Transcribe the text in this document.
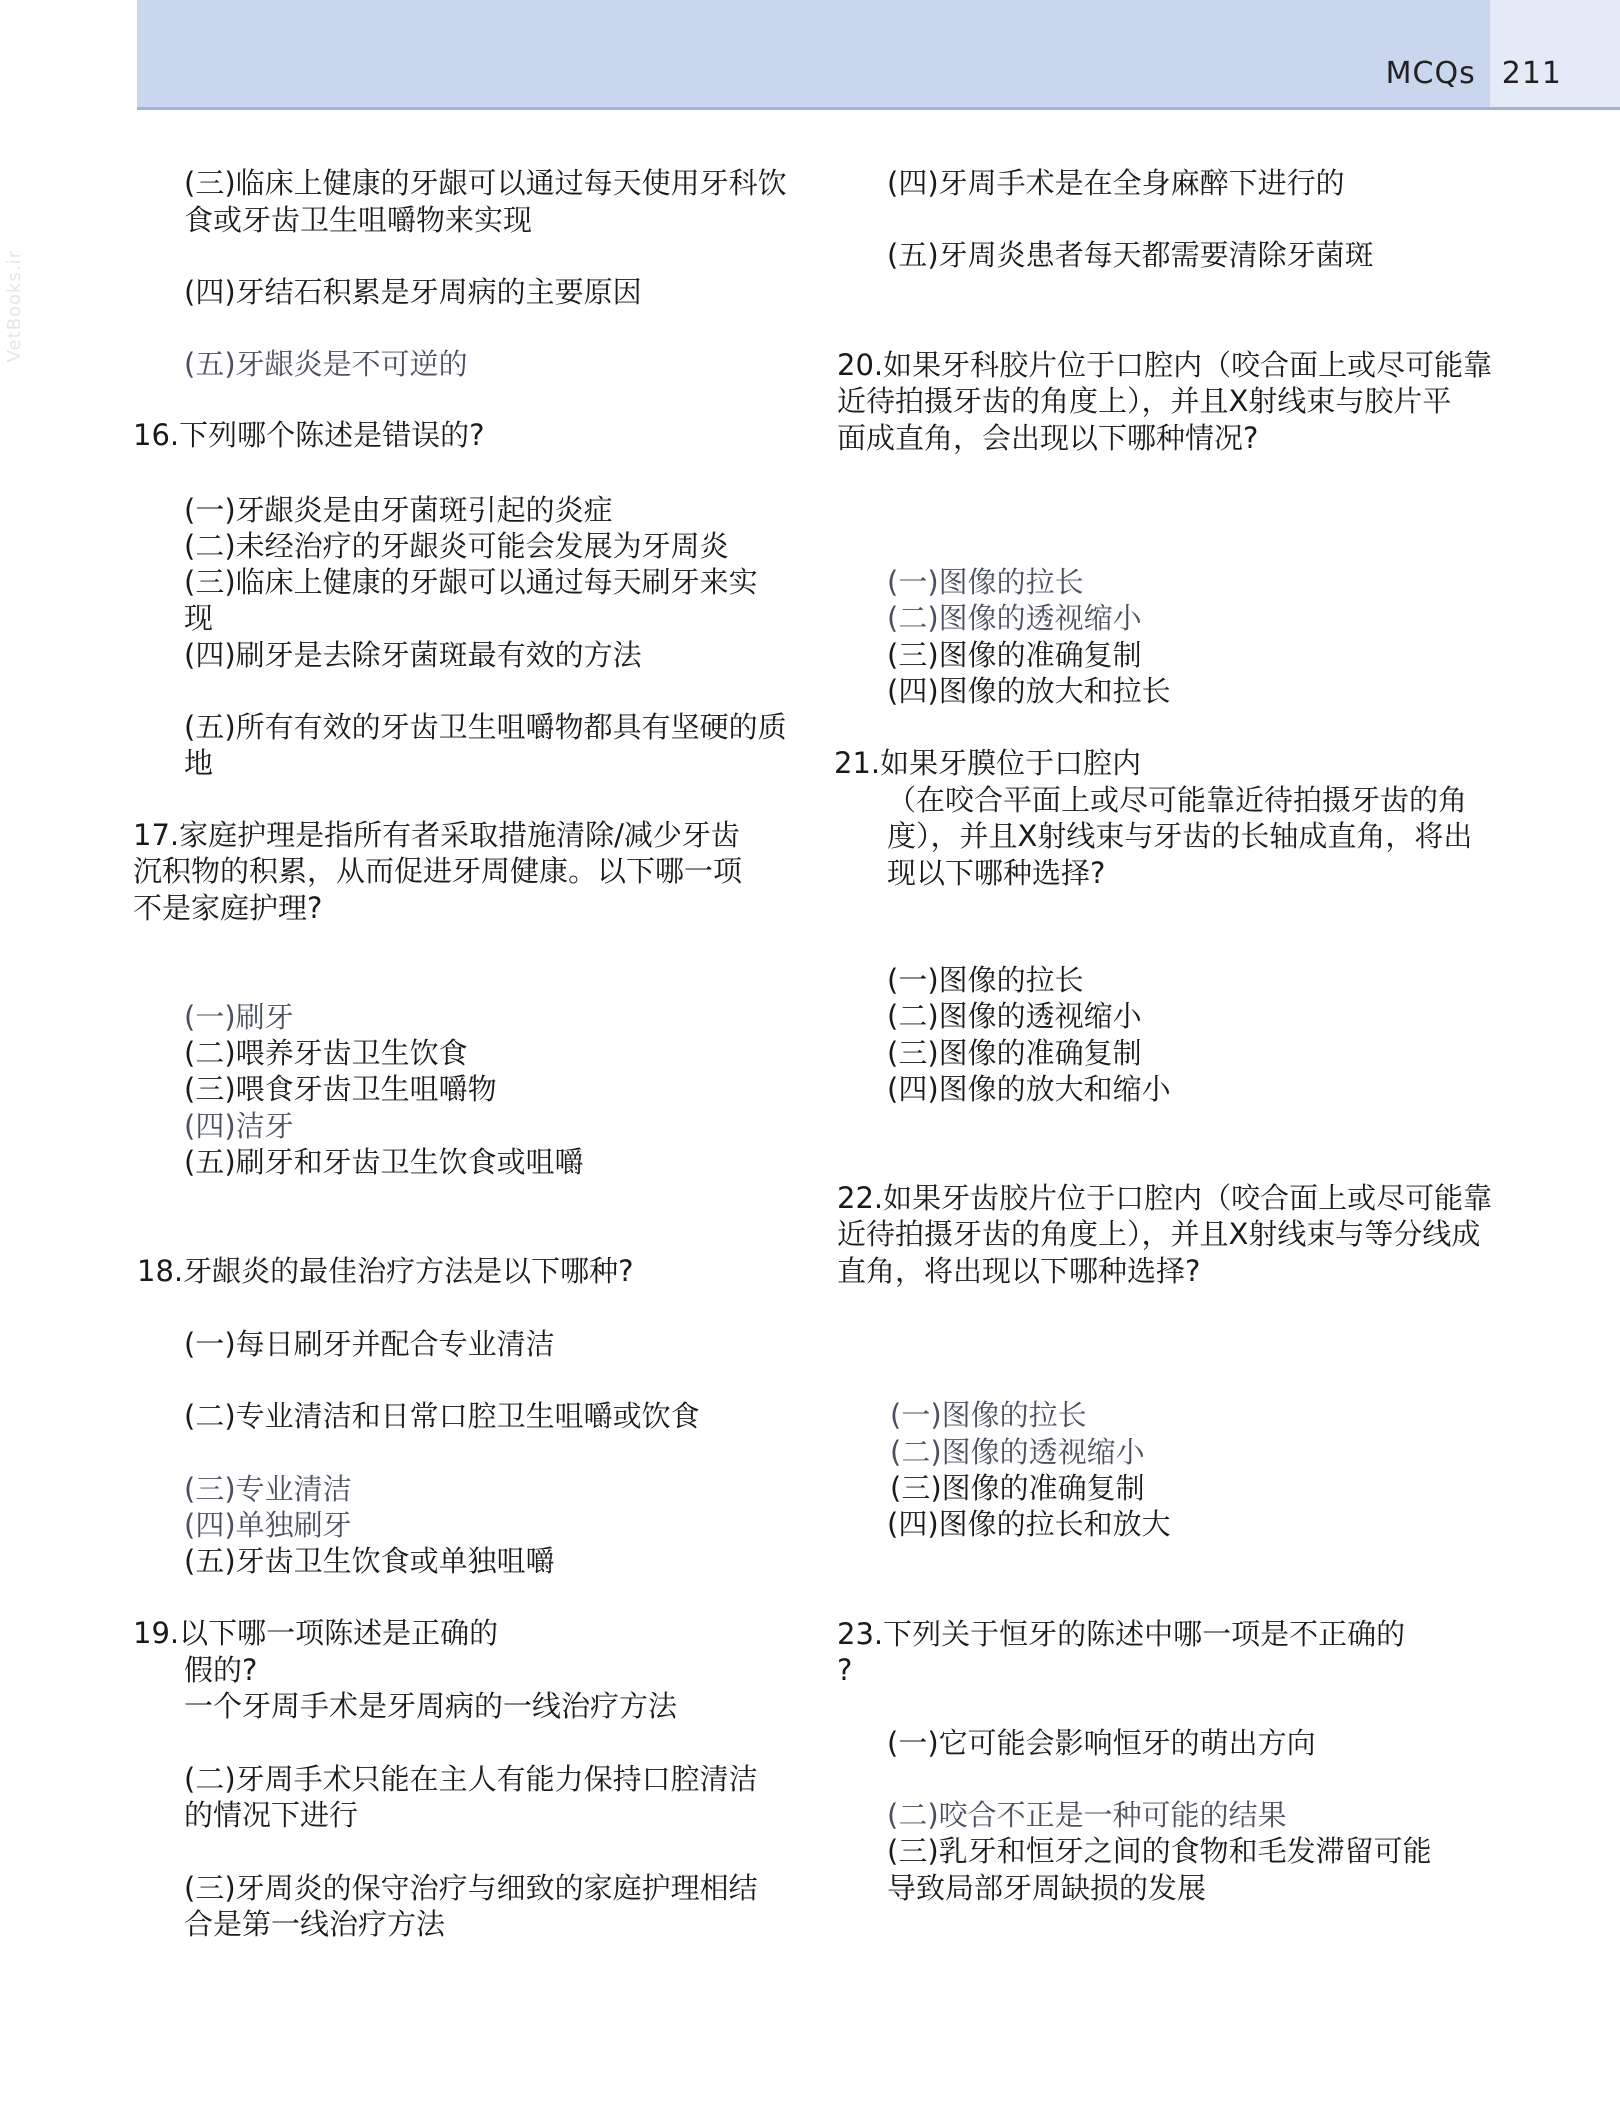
MCQs 211
VetBooks.ir
(三)临床上健康的牙龈可以通过每天使用牙科饮
食或牙齿卫生咀嚼物来实现
(四)牙结石积累是牙周病的主要原因
(五)牙龈炎是不可逆的
16.下列哪个陈述是错误的?
(一)牙龈炎是由牙菌斑引起的炎症
(二)未经治疗的牙龈炎可能会发展为牙周炎
(三)临床上健康的牙龈可以通过每天刷牙来实
现
(四)刷牙是去除牙菌斑最有效的方法
(五)所有有效的牙齿卫生咀嚼物都具有坚硬的质
地
17.家庭护理是指所有者采取措施清除/减少牙齿
沉积物的积累，从而促进牙周健康。以下哪一项
不是家庭护理?
(一)刷牙
(二)喂养牙齿卫生饮食
(三)喂食牙齿卫生咀嚼物
(四)洁牙
(五)刷牙和牙齿卫生饮食或咀嚼
18.牙龈炎的最佳治疗方法是以下哪种?
(一)每日刷牙并配合专业清洁
(二)专业清洁和日常口腔卫生咀嚼或饮食
(三)专业清洁
(四)单独刷牙
(五)牙齿卫生饮食或单独咀嚼
19.以下哪一项陈述是正确的
假的?
一个牙周手术是牙周病的一线治疗方法
(二)牙周手术只能在主人有能力保持口腔清洁
的情况下进行
(三)牙周炎的保守治疗与细致的家庭护理相结
合是第一线治疗方法
(四)牙周手术是在全身麻醉下进行的
(五)牙周炎患者每天都需要清除牙菌斑
20.如果牙科胶片位于口腔内（咬合面上或尽可能靠
近待拍摄牙齿的角度上），并且X射线束与胶片平
面成直角，会出现以下哪种情况?
(一)图像的拉长
(二)图像的透视缩小
(三)图像的准确复制
(四)图像的放大和拉长
21.如果牙膜位于口腔内
（在咬合平面上或尽可能靠近待拍摄牙齿的角
度），并且X射线束与牙齿的长轴成直角，将出
现以下哪种选择?
(一)图像的拉长
(二)图像的透视缩小
(三)图像的准确复制
(四)图像的放大和缩小
22.如果牙齿胶片位于口腔内（咬合面上或尽可能靠
近待拍摄牙齿的角度上），并且X射线束与等分线成
直角，将出现以下哪种选择?
(一)图像的拉长
(二)图像的透视缩小
(三)图像的准确复制
(四)图像的拉长和放大
23.下列关于恒牙的陈述中哪一项是不正确的
?
(一)它可能会影响恒牙的萌出方向
(二)咬合不正是一种可能的结果
(三)乳牙和恒牙之间的食物和毛发滞留可能
导致局部牙周缺损的发展
